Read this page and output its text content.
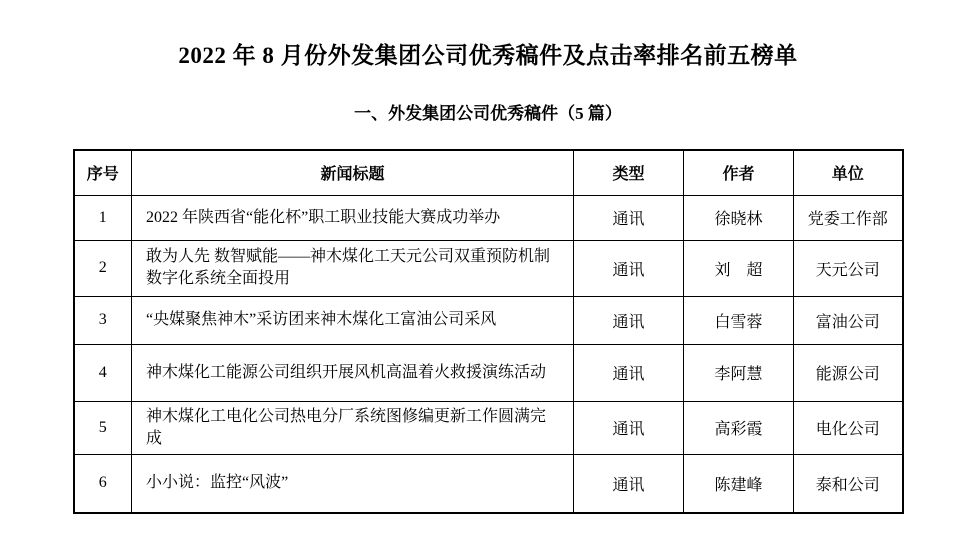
2022 年 8 月份外发集团公司优秀稿件及点击率排名前五榜单
一、外发集团公司优秀稿件（5 篇）
序号	新闻标题	类型	作者	单位
1	2022 年陕西省“能化杯”职工职业技能大赛成功举办	通讯	徐晓林	党委工作部
2	敢为人先 数智赋能——神木煤化工天元公司双重预防机制数字化系统全面投用	通讯	刘　超	天元公司
3	“央媒聚焦神木”采访团来神木煤化工富油公司采风	通讯	白雪蓉	富油公司
4	神木煤化工能源公司组织开展风机高温着火救援演练活动	通讯	李阿慧	能源公司
5	神木煤化工电化公司热电分厂系统图修编更新工作圆满完成	通讯	高彩霞	电化公司
6	小小说：监控“风波”	通讯	陈建峰	泰和公司
